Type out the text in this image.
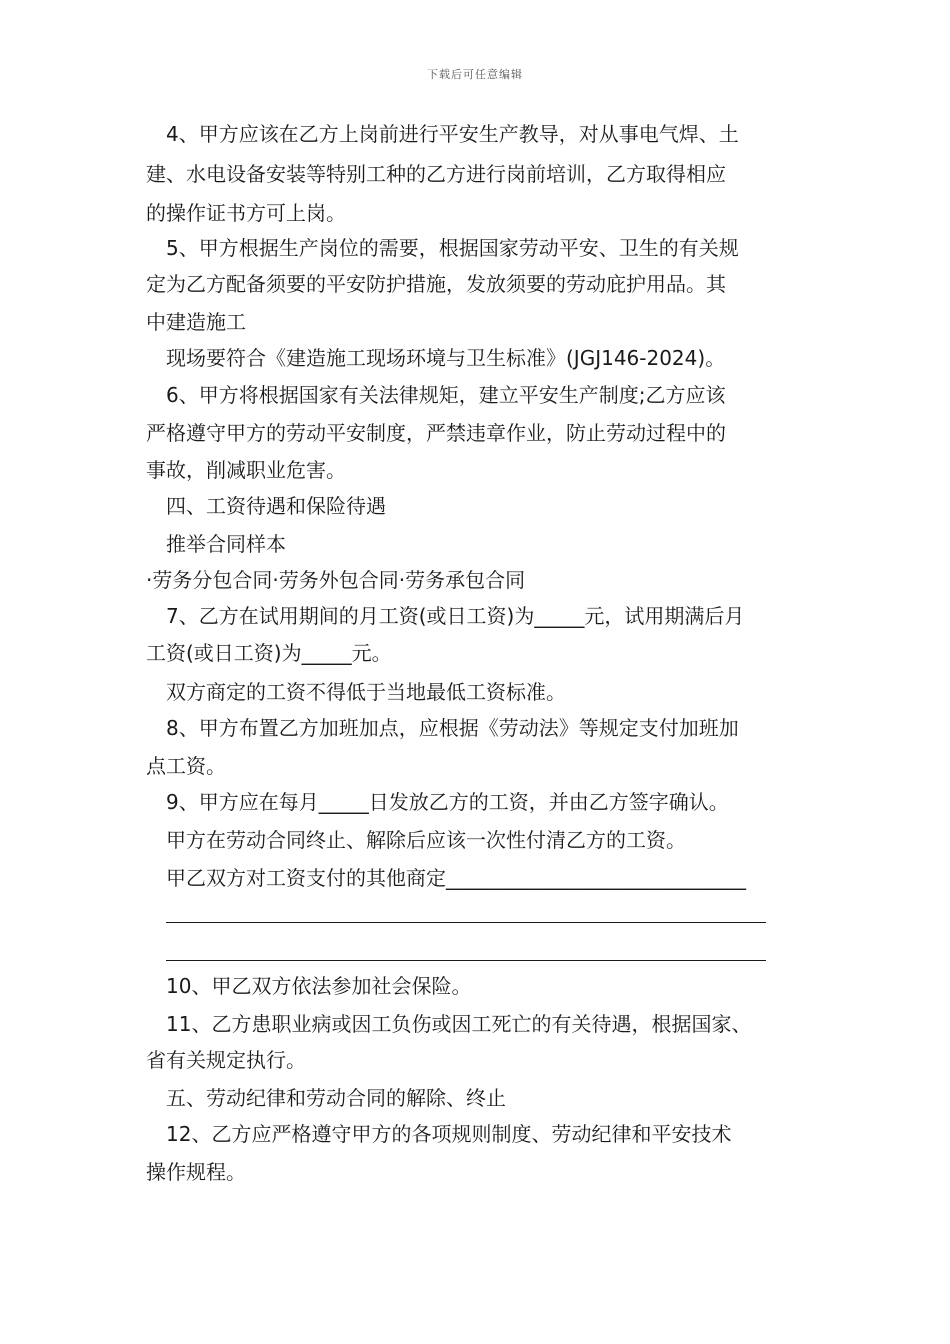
下载后可任意编辑
4、甲方应该在乙方上岗前进行平安生产教导，对从事电气焊、土
建、水电设备安装等特别工种的乙方进行岗前培训，乙方取得相应
的操作证书方可上岗。
5、甲方根据生产岗位的需要，根据国家劳动平安、卫生的有关规
定为乙方配备须要的平安防护措施，发放须要的劳动庇护用品。其
中建造施工
现场要符合《建造施工现场环境与卫生标准》(JGJ146-2024)。
6、甲方将根据国家有关法律规矩，建立平安生产制度;乙方应该
严格遵守甲方的劳动平安制度，严禁违章作业，防止劳动过程中的
事故，削减职业危害。
四、工资待遇和保险待遇
推举合同样本
·劳务分包合同·劳务外包合同·劳务承包合同
7、乙方在试用期间的月工资(或日工资)为_____元，试用期满后月
工资(或日工资)为_____元。
双方商定的工资不得低于当地最低工资标准。
8、甲方布置乙方加班加点，应根据《劳动法》等规定支付加班加
点工资。
9、甲方应在每月_____日发放乙方的工资，并由乙方签字确认。
甲方在劳动合同终止、解除后应该一次性付清乙方的工资。
甲乙双方对工资支付的其他商定______________________________
10、甲乙双方依法参加社会保险。
11、乙方患职业病或因工负伤或因工死亡的有关待遇，根据国家、
省有关规定执行。
五、劳动纪律和劳动合同的解除、终止
12、乙方应严格遵守甲方的各项规则制度、劳动纪律和平安技术
操作规程。
